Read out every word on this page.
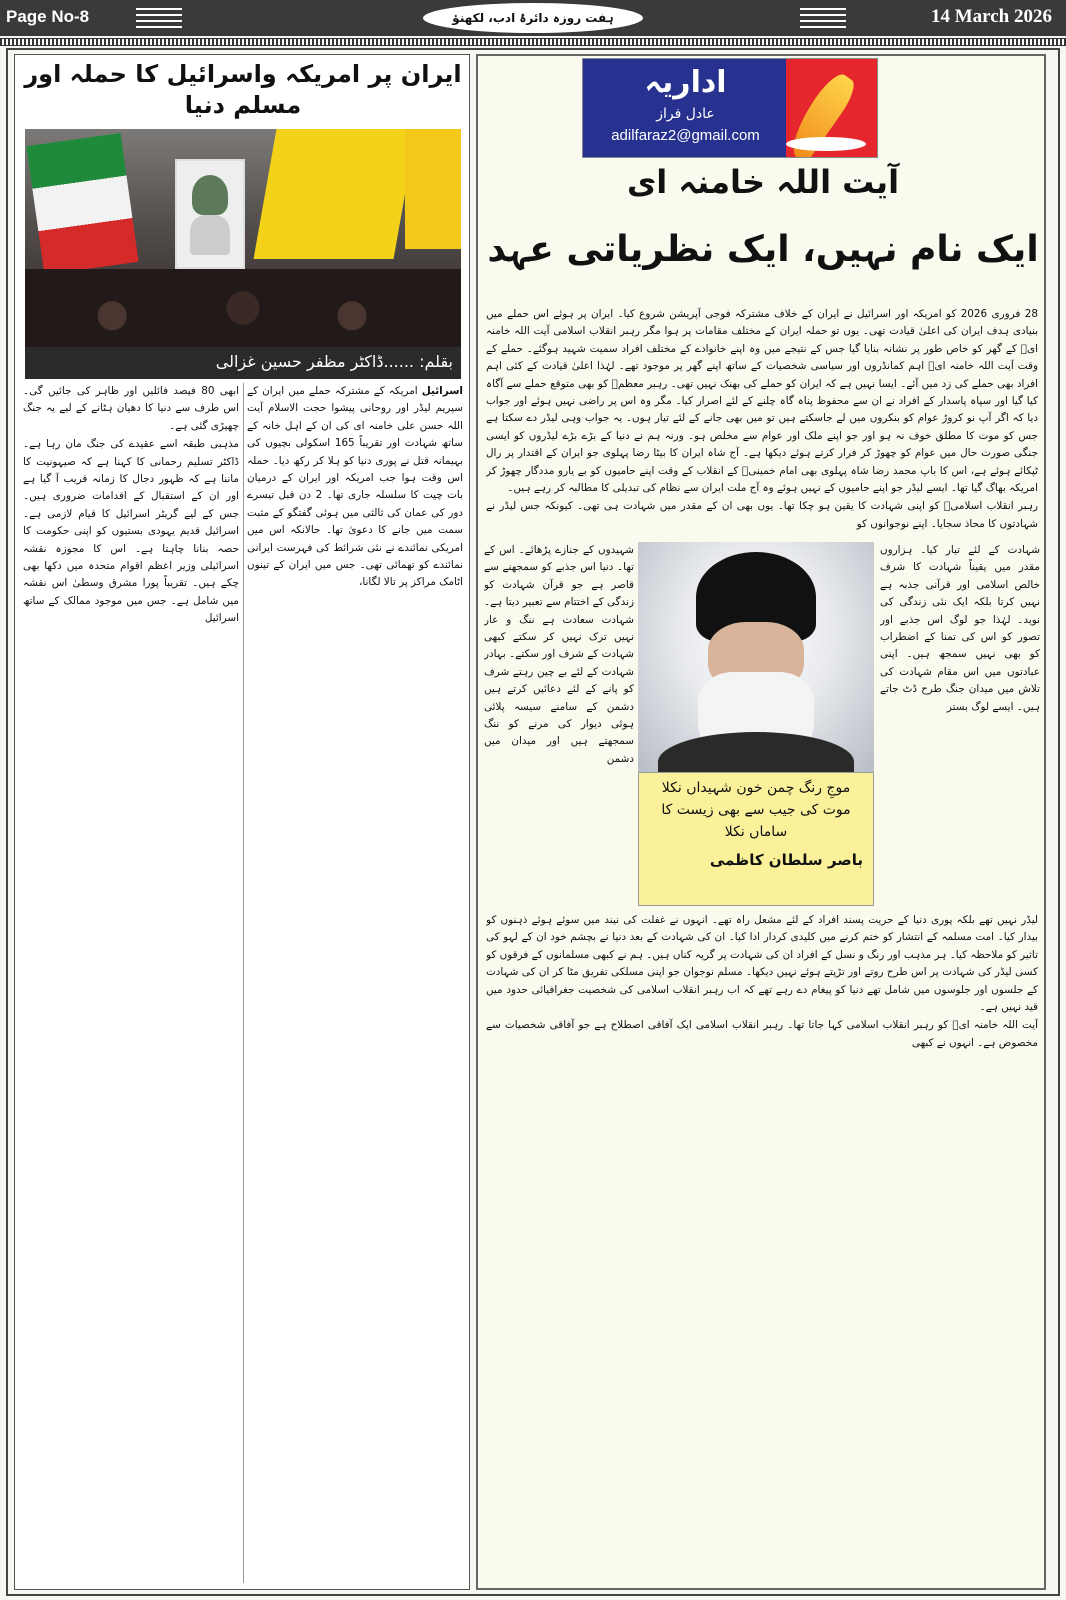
Page No-8	ہفت روزہ دائرۂ ادب، لکھنؤ	14 March 2026
ایران پر امریکہ واسرائیل کا حملہ اور مسلم دنیا
بقلم: ......ڈاکٹر مظفر حسین غزالی

اسرائیل امریکہ کے مشترکہ حملے میں ایران کے سپریم لیڈر اور روحانی پیشوا حجت الاسلام آیت اللہ حسن علی خامنہ ای کی ان کے اہل خانہ کے ساتھ شہادت اور تقریباً 165 اسکولی بچیوں کی بہیمانہ قتل نے پوری دنیا کو ہلا کر رکھ دیا۔ حملہ اس وقت ہوا جب امریکہ اور ایران کے درمیان بات چیت کا سلسلہ جاری تھا۔ 2 دن قبل تیسرے دور کی عمان کی ثالثی میں ہوئی گفتگو کے مثبت سمت میں جانے کا دعویٰ تھا۔ حالانکہ اس میں امریکی نمائندے نے نئی شرائط کی فہرست ایرانی نمائندے کو تھمائی تھی۔ جس میں ایران کے تینوں اٹامک مراکز پر تالا لگانا،

ابھی 80 فیصد فائلیں اور ظاہر کی جائیں گی۔ اس طرف سے دنیا کا دھیان ہٹانے کے لیے یہ جنگ چھیڑی گئی ہے۔

مذہبی طبقہ اسے عقیدے کی جنگ مان رہا ہے۔ ڈاکٹر تسلیم رحمانی کا کہنا ہے کہ صیہونیت کا ماننا ہے کہ ظہور دجال کا زمانہ قریب آ گیا ہے اور ان کے استقبال کے اقدامات ضروری ہیں۔ جس کے لیے گریٹر اسرائیل کا قیام لازمی ہے۔ اسرائیل قدیم یہودی بستیوں کو اپنی حکومت کا حصہ بنانا چاہتا ہے۔ اس کا مجوزہ نقشہ اسرائیلی وزیر اعظم اقوام متحدہ میں دکھا بھی چکے ہیں۔ تقریباً پورا مشرق وسطیٰ اس نقشہ میں شامل ہے۔ جس میں موجود ممالک کے ساتھ اسرائیل

اداریہ
عادل فراز
adilfaraz2@gmail.com
آیت اللہ خامنہ ای
ایک نام نہیں، ایک نظریاتی عہد

28 فروری 2026 کو امریکہ اور اسرائیل نے ایران کے خلاف مشترکہ فوجی آپریشن شروع کیا۔ ایران پر ہوئے اس حملے میں بنیادی ہدف ایران کی اعلیٰ قیادت تھی۔ یوں تو حملہ ایران کے مختلف مقامات پر ہوا مگر رہبر انقلاب اسلامی آیت اللہ خامنہ ایؒ کے گھر کو خاص طور پر نشانہ بنایا گیا جس کے نتیجے میں وہ اپنے خانوادے کے مختلف افراد سمیت شہید ہوگئے۔ حملے کے وقت آیت اللہ خامنہ ایؒ اہم کمانڈروں اور سیاسی شخصیات کے ساتھ اپنے گھر پر موجود تھے۔ لہٰذا اعلیٰ قیادت کے کئی اہم افراد بھی حملے کی زد میں آئے۔ ایسا نہیں ہے کہ ایران کو حملے کی بھنک نہیں تھی۔ رہبر معظمؒ کو بھی متوقع حملے سے آگاہ کیا گیا اور سپاہ پاسدار کے افراد نے ان سے محفوظ پناہ گاہ چلنے کے لئے اصرار کیا۔ مگر وہ اس پر راضی نہیں ہوئے اور جواب دیا کہ اگر آپ نو کروڑ عوام کو بنکروں میں لے جاسکتے ہیں تو میں بھی جانے کے لئے تیار ہوں۔ یہ جواب وہی لیڈر دے سکتا ہے جس کو موت کا مطلق خوف نہ ہو اور جو اپنے ملک اور عوام سے مخلص ہو۔ ورنہ ہم نے دنیا کے بڑے بڑے لیڈروں کو ایسی جنگی صورت حال میں عوام کو چھوڑ کر فرار کرتے ہوئے دیکھا ہے۔ آج شاہ ایران کا بیٹا رضا پہلوی جو ایران کے اقتدار پر رال ٹپکائے ہوئے ہے، اس کا باپ محمد رضا شاہ پہلوی بھی امام خمینیؒ کے انقلاب کے وقت اپنے حامیوں کو بے یارو مددگار چھوڑ کر امریکہ بھاگ گیا تھا۔ ایسے لیڈر جو اپنے حامیوں کے نہیں ہوئے وہ آج ملت ایران سے نظام کی تبدیلی کا مطالبہ کر رہے ہیں۔

رہبر انقلاب اسلامیؒ کو اپنی شہادت کا یقین ہو چکا تھا۔ یوں بھی ان کے مقدر میں شہادت ہی تھی۔ کیونکہ جس لیڈر نے شہادتوں کا محاذ سجایا۔ اپنے نوجوانوں کو

شہادت کے لئے تیار کیا۔ ہزاروں مقدر میں یقیناً شہادت کا شرف خالص اسلامی اور قرآنی جذبہ ہے نہیں کرتا بلکہ ایک نئی زندگی کی نوید۔ لہٰذا جو لوگ اس جذبے اور تصور کو اس کی تمنا کے اضطراب کو بھی نہیں سمجھ ہیں۔ اپنی عبادتوں میں اس مقام شہادت کی تلاش میں میدان جنگ طرح ڈٹ جاتے ہیں۔ ایسے لوگ بستر

موجِ رنگ چمن خون شہیداں نکلا
موت کی جیب سے بھی زیست کا ساماں نکلا
باصر سلطان کاظمی

شہیدوں کے جنازے پڑھائے۔ اس کے تھا۔ دنیا اس جذبے کو سمجھنے سے قاصر ہے جو قرآن شہادت کو زندگی کے اختتام سے تعبیر دیتا ہے۔ شہادت سعادت ہے ننگ و عار نہیں ترک نہیں کر سکتے کبھی شہادت کے شرف اور سکتے۔ بہادر شہادت کے لئے بے چین رہتے شرف کو پانے کے لئے دعائیں کرتے ہیں دشمن کے سامنے سیسہ پلائی ہوئی دیوار کی مرنے کو ننگ سمجھتے ہیں اور میدان میں دشمن

لیڈر نہیں تھے بلکہ پوری دنیا کے حریت پسند افراد کے لئے مشعل راہ تھے۔ انہوں نے غفلت کی نیند میں سوئے ہوئے ذہنوں کو بیدار کیا۔ امت مسلمہ کے انتشار کو ختم کرنے میں کلیدی کردار ادا کیا۔ ان کی شہادت کے بعد دنیا نے بچشم خود ان کے لہو کی تاثیر کو ملاحظہ کیا۔ ہر مذہب اور رنگ و نسل کے افراد ان کی شہادت پر گریہ کناں ہیں۔ ہم نے کبھی مسلمانوں کے فرقوں کو کسی لیڈر کی شہادت پر اس طرح روتے اور تڑپتے ہوئے نہیں دیکھا۔ مسلم نوجوان جو اپنی مسلکی تفریق مٹا کر ان کی شہادت کے جلسوں اور جلوسوں میں شامل تھے دنیا کو پیغام دے رہے تھے کہ اب رہبر انقلاب اسلامی کی شخصیت جغرافیائی حدود میں قید نہیں ہے۔

آیت اللہ خامنہ ایؒ کو رہبر انقلاب اسلامی کہا جاتا تھا۔ رہبر انقلاب اسلامی ایک آفاقی اصطلاح ہے جو آفاقی شخصیات سے مخصوص ہے۔ انہوں نے کبھی
